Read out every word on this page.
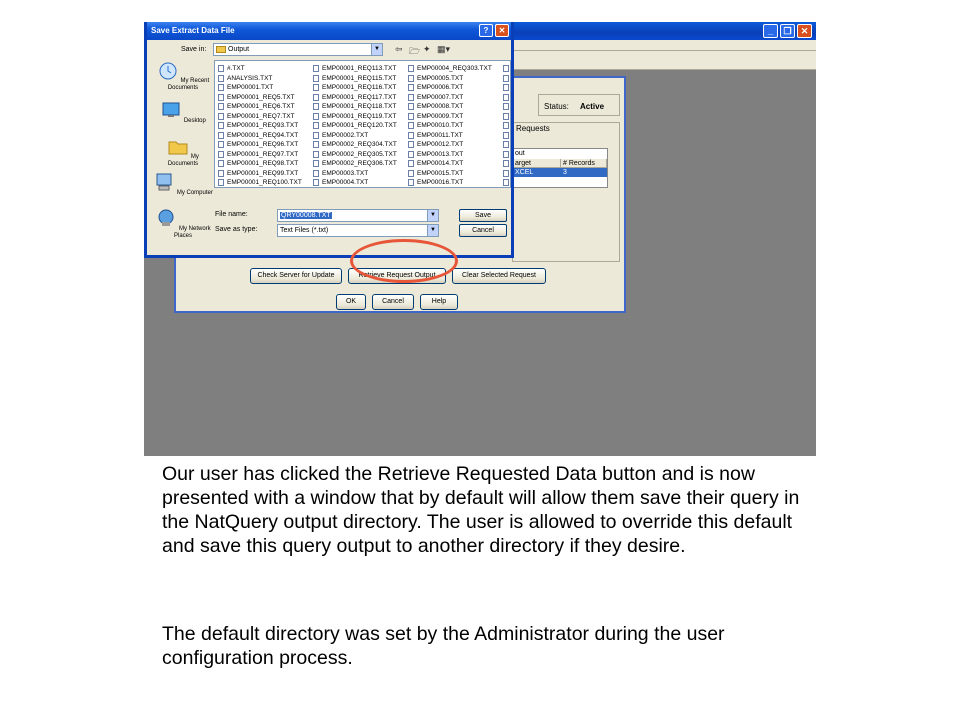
_	❐	✕
Status: Active
Requests
out
arget	# Records
XCEL	3
Check Server for Update	Retrieve Request Output	Clear Selected Request
OK	Cancel	Help
Save Extract Data File	?	✕
Save in:	Output	▼ ⇦ 🗁 ✦ ▦▾
My Recent Documents
Desktop
My Documents
My Computer
My Network Places
#.TXT
ANALYSIS.TXT
EMP00001.TXT
EMP00001_REQ5.TXT
EMP00001_REQ6.TXT
EMP00001_REQ7.TXT
EMP00001_REQ93.TXT
EMP00001_REQ94.TXT
EMP00001_REQ96.TXT
EMP00001_REQ97.TXT
EMP00001_REQ98.TXT
EMP00001_REQ99.TXT
EMP00001_REQ100.TXT
EMP00001_REQ113.TXT
EMP00001_REQ115.TXT
EMP00001_REQ116.TXT
EMP00001_REQ117.TXT
EMP00001_REQ118.TXT
EMP00001_REQ119.TXT
EMP00001_REQ120.TXT
EMP00002.TXT
EMP00002_REQ304.TXT
EMP00002_REQ305.TXT
EMP00002_REQ306.TXT
EMP00003.TXT
EMP00004.TXT
EMP00004_REQ303.TXT
EMP00005.TXT
EMP00006.TXT
EMP00007.TXT
EMP00008.TXT
EMP00009.TXT
EMP00010.TXT
EMP00011.TXT
EMP00012.TXT
EMP00013.TXT
EMP00014.TXT
EMP00015.TXT
EMP00016.TXT
File name:	QRY00008.TXT	▼
Save as type:	Text Files (*.txt)	▼
Save
Cancel

Our user has clicked the Retrieve Requested Data button and is now presented with a window that by default will allow them save their query in the NatQuery output directory. The user is allowed to override this default and save this query output to another directory if they desire.

The default directory was set by the Administrator during the user configuration process.
